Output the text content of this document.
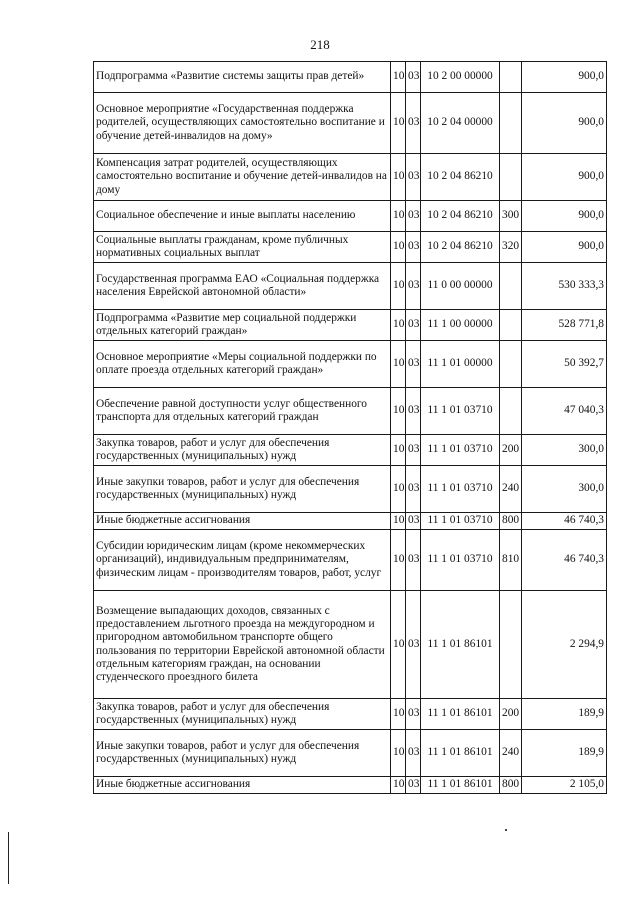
218
Подпрограмма «Развитие системы защиты прав детей»	10	03	10 2 00 00000		900,0
Основное мероприятие «Государственная поддержка родителей, осуществляющих самостоятельно воспитание и обучение детей-инвалидов на дому»	10	03	10 2 04 00000		900,0
Компенсация затрат родителей, осуществляющих самостоятельно воспитание и обучение детей-инвалидов на дому	10	03	10 2 04 86210		900,0
Социальное обеспечение и иные выплаты населению	10	03	10 2 04 86210	300	900,0
Социальные выплаты гражданам, кроме публичных нормативных социальных выплат	10	03	10 2 04 86210	320	900,0
Государственная программа ЕАО «Социальная поддержка населения Еврейской автономной области»	10	03	11 0 00 00000		530 333,3
Подпрограмма «Развитие мер социальной поддержки отдельных категорий граждан»	10	03	11 1 00 00000		528 771,8
Основное мероприятие «Меры социальной поддержки по оплате проезда отдельных категорий граждан»	10	03	11 1 01 00000		50 392,7
Обеспечение равной доступности услуг общественного транспорта для отдельных категорий граждан	10	03	11 1 01 03710		47 040,3
Закупка товаров, работ и услуг для обеспечения государственных (муниципальных) нужд	10	03	11 1 01 03710	200	300,0
Иные закупки товаров, работ и услуг для обеспечения государственных (муниципальных) нужд	10	03	11 1 01 03710	240	300,0
Иные бюджетные ассигнования	10	03	11 1 01 03710	800	46 740,3
Субсидии юридическим лицам (кроме некоммерческих организаций), индивидуальным предпринимателям, физическим лицам - производителям товаров, работ, услуг	10	03	11 1 01 03710	810	46 740,3
Возмещение выпадающих доходов, связанных с предоставлением льготного проезда на междугородном и пригородном автомобильном транспорте общего пользования по территории Еврейской автономной области отдельным категориям граждан, на основании студенческого проездного билета	10	03	11 1 01 86101		2 294,9
Закупка товаров, работ и услуг для обеспечения государственных (муниципальных) нужд	10	03	11 1 01 86101	200	189,9
Иные закупки товаров, работ и услуг для обеспечения государственных (муниципальных) нужд	10	03	11 1 01 86101	240	189,9
Иные бюджетные ассигнования	10	03	11 1 01 86101	800	2 105,0
